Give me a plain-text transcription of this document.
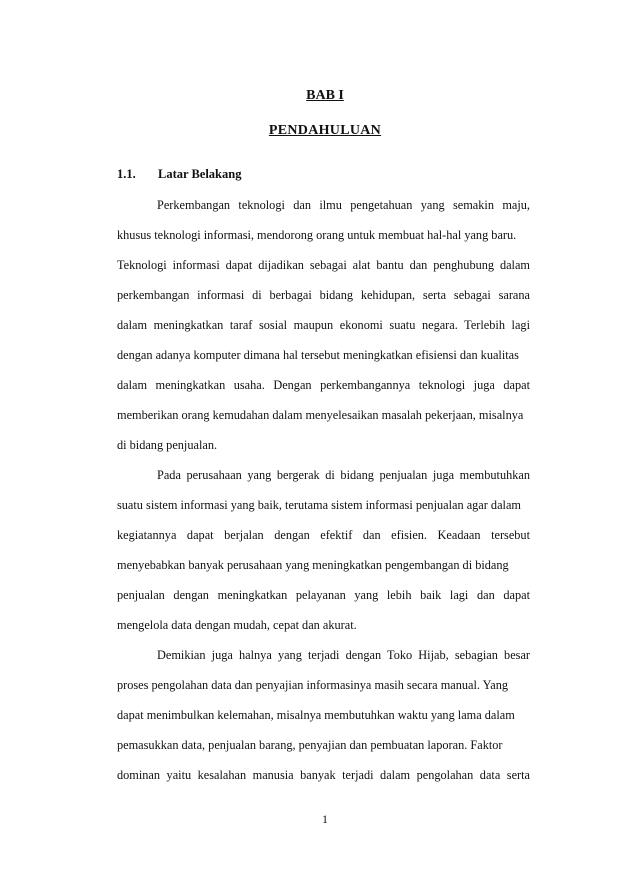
BAB I
PENDAHULUAN
1.1. Latar Belakang
Perkembangan teknologi dan ilmu pengetahuan yang semakin maju,
khusus teknologi informasi, mendorong orang untuk membuat hal-hal yang baru.
Teknologi informasi dapat dijadikan sebagai alat bantu dan penghubung dalam
perkembangan informasi di berbagai bidang kehidupan, serta sebagai sarana
dalam meningkatkan taraf sosial maupun ekonomi suatu negara. Terlebih lagi
dengan adanya komputer dimana hal tersebut meningkatkan efisiensi dan kualitas
dalam meningkatkan usaha. Dengan perkembangannya teknologi juga dapat
memberikan orang kemudahan dalam menyelesaikan masalah pekerjaan, misalnya
di bidang penjualan.
Pada perusahaan yang bergerak di bidang penjualan juga membutuhkan
suatu sistem informasi yang baik, terutama sistem informasi penjualan agar dalam
kegiatannya dapat berjalan dengan efektif dan efisien. Keadaan tersebut
menyebabkan banyak perusahaan yang meningkatkan pengembangan di bidang
penjualan dengan meningkatkan pelayanan yang lebih baik lagi dan dapat
mengelola data dengan mudah, cepat dan akurat.
Demikian juga halnya yang terjadi dengan Toko Hijab, sebagian besar
proses pengolahan data dan penyajian informasinya masih secara manual. Yang
dapat menimbulkan kelemahan, misalnya membutuhkan waktu yang lama dalam
pemasukkan data, penjualan barang, penyajian dan pembuatan laporan. Faktor
dominan yaitu kesalahan manusia banyak terjadi dalam pengolahan data serta
1
